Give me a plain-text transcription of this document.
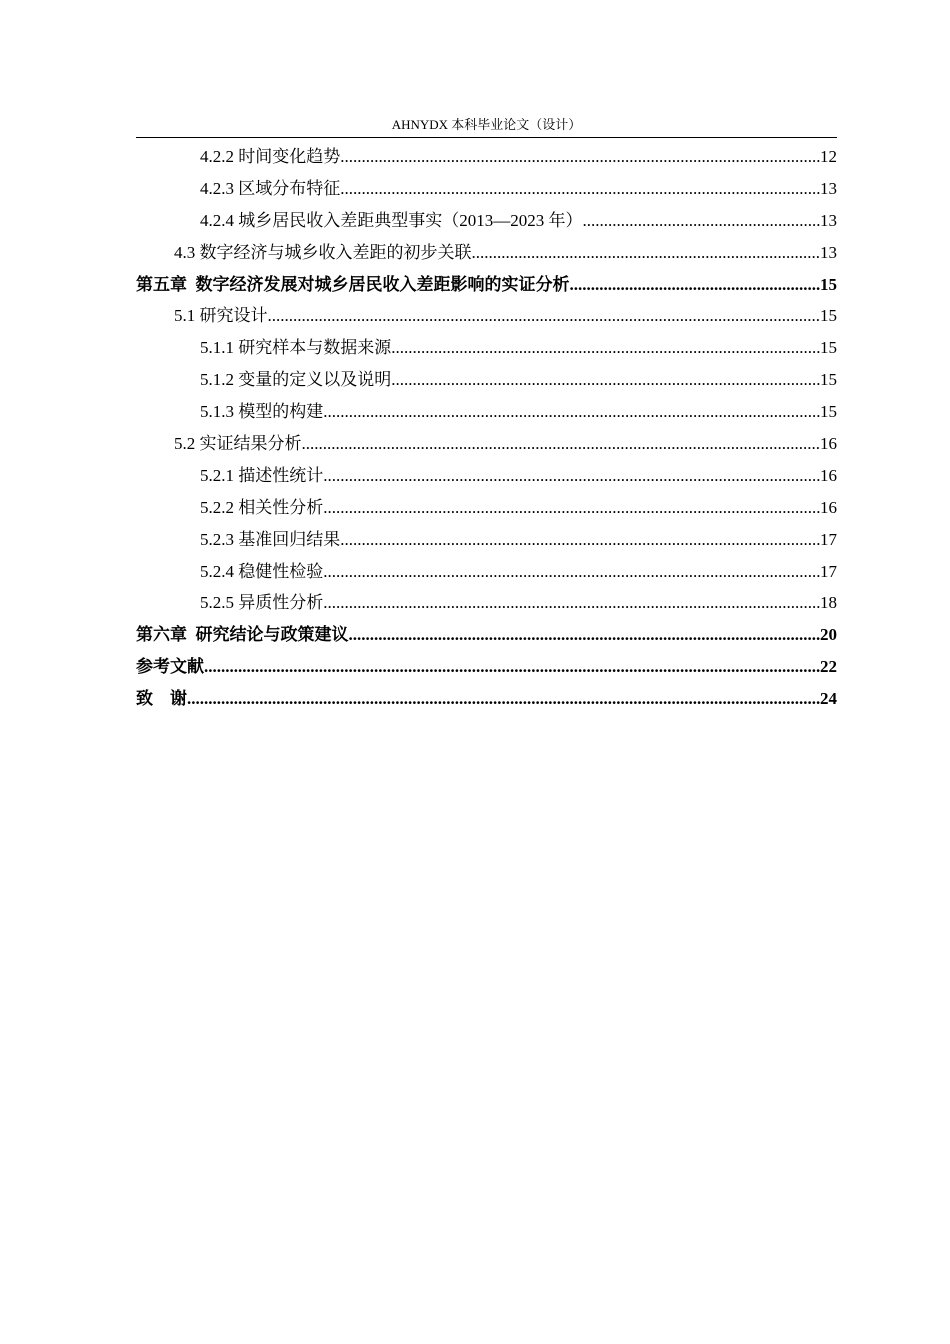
AHNYDX 本科毕业论文（设计）
4.2.2 时间变化趋势 .....	12
4.2.3 区域分布特征 .....	13
4.2.4 城乡居民收入差距典型事实（2013—2023 年） .....	13
4.3 数字经济与城乡收入差距的初步关联 .....	13
第五章  数字经济发展对城乡居民收入差距影响的实证分析 .....	15
5.1 研究设计 .....	15
5.1.1 研究样本与数据来源 .....	15
5.1.2 变量的定义以及说明 .....	15
5.1.3 模型的构建 .....	15
5.2 实证结果分析 .....	16
5.2.1 描述性统计 .....	16
5.2.2 相关性分析 .....	16
5.2.3 基准回归结果 .....	17
5.2.4 稳健性检验 .....	17
5.2.5 异质性分析 .....	18
第六章  研究结论与政策建议 .....	20
参考文献 .....	22
致    谢 .....	24
